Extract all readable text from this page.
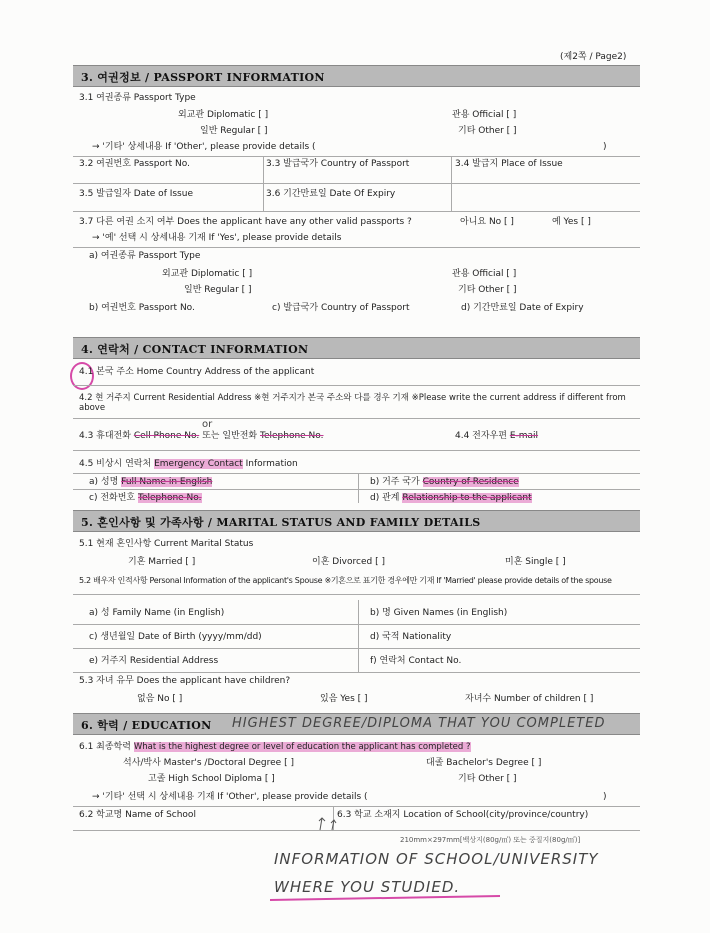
(제2쪽 / Page2)
3. 여권정보 / PASSPORT INFORMATION
3.1 여권종류 Passport Type
외교관 Diplomatic [ ]	관용 Official [ ]
일반 Regular [ ]	기타 Other [ ]
→ '기타' 상세내용 If 'Other', please provide details (	)
3.2 여권번호 Passport No.	3.3 발급국가 Country of Passport	3.4 발급지 Place of Issue
3.5 발급일자 Date of Issue	3.6 기간만료일 Date Of Expiry
3.7 다른 여권 소지 여부 Does the applicant have any other valid passports ?	아니요 No [ ]	예 Yes [ ]
→ '예' 선택 시 상세내용 기재 If 'Yes', please provide details
a) 여권종류 Passport Type
외교관 Diplomatic [ ]	관용 Official [ ]
일반 Regular [ ]	기타 Other [ ]
b) 여권번호 Passport No.	c) 발급국가 Country of Passport	d) 기간만료일 Date of Expiry
4. 연락처 / CONTACT INFORMATION
4.1 본국 주소 Home Country Address of the applicant
4.2 현 거주지 Current Residential Address ※현 거주지가 본국 주소와 다를 경우 기재 ※Please write the current address if different from above
4.3 휴대전화 Cell Phone No. 또는 일반전화 Telephone No.
or
4.4 전자우편 E-mail
4.5 비상시 연락처 Emergency Contact Information
a) 성명 Full Name in English	b) 거주 국가 Country of Residence
c) 전화번호 Telephone No.	d) 관계 Relationship to the applicant
5. 혼인사항 및 가족사항 / MARITAL STATUS AND FAMILY DETAILS
5.1 현재 혼인사항 Current Marital Status
기혼 Married [ ]	이혼 Divorced [ ]	미혼 Single [ ]
5.2 배우자 인적사항 Personal Information of the applicant's Spouse ※기혼으로 표기한 경우에만 기재 If 'Married' please provide details of the spouse
a) 성 Family Name (in English)	b) 명 Given Names (in English)
c) 생년월일 Date of Birth (yyyy/mm/dd)	d) 국적 Nationality
e) 거주지 Residential Address	f) 연락처 Contact No.
5.3 자녀 유무 Does the applicant have children?
없음 No [ ]	있음 Yes [ ]	자녀수 Number of children [ ]
6. 학력 / EDUCATION HIGHEST DEGREE/DIPLOMA THAT YOU COMPLETED
6.1 최종학력 What is the highest degree or level of education the applicant has completed ?
석사/박사 Master's /Doctoral Degree [ ]	대졸 Bachelor's Degree [ ]
고졸 High School Diploma [ ]	기타 Other [ ]
→ '기타' 선택 시 상세내용 기재 If 'Other', please provide details (	)
6.2 학교명 Name of School	6.3 학교 소재지 Location of School(city/province/country)
210mm×297mm[백상지(80g/㎡) 또는 중질지(80g/㎡)]
INFORMATION OF SCHOOL/UNIVERSITY
WHERE YOU STUDIED.
